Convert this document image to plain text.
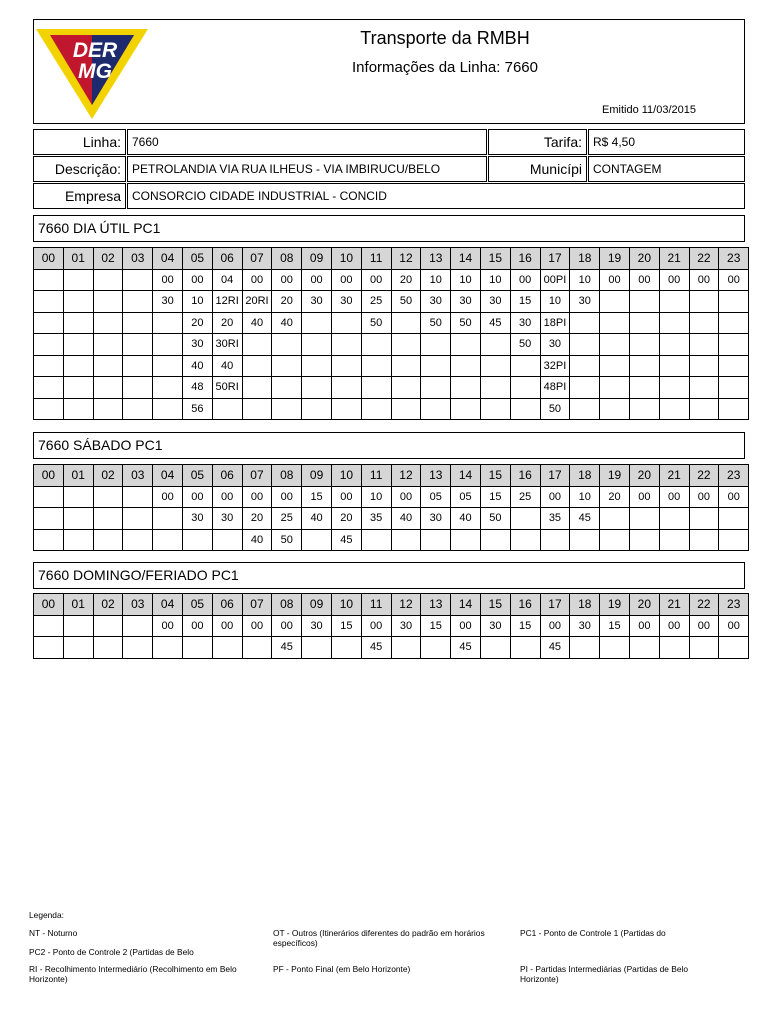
DER
MG
Transporte da RMBH
Informações da Linha: 7660
Emitido 11/03/2015
Linha: 7660	Tarifa: R$ 4,50
Descrição: PETROLANDIA VIA RUA ILHEUS - VIA IMBIRUCU/BELO	Municípi CONTAGEM
Empresa CONSORCIO CIDADE INDUSTRIAL - CONCID
7660 DIA ÚTIL PC1
00	01	02	03	04	05	06	07	08	09	10	11	12	13	14	15	16	17	18	19	20	21	22	23
				00	00	04	00	00	00	00	00	20	10	10	10	00	00PI	10	00	00	00	00	00
				30	10	12RI	20RI	20	30	30	25	50	30	30	30	15	10	30					
					20	20	40	40			50		50	50	45	30	18PI						
					30	30RI										50	30						
					40	40											32PI						
					48	50RI											48PI						
					56												50						
7660 SÁBADO PC1
00	01	02	03	04	05	06	07	08	09	10	11	12	13	14	15	16	17	18	19	20	21	22	23
				00	00	00	00	00	15	00	10	00	05	05	15	25	00	10	20	00	00	00	00
					30	30	20	25	40	20	35	40	30	40	50		35	45					
							40	50		45													
7660 DOMINGO/FERIADO PC1
00	01	02	03	04	05	06	07	08	09	10	11	12	13	14	15	16	17	18	19	20	21	22	23
				00	00	00	00	00	30	15	00	30	15	00	30	15	00	30	15	00	00	00	00
								45			45			45			45						
Legenda:
NT - Noturno	OT - Outros (Itinerários diferentes do padrão em horários específicos)
PC1 - Ponto de Controle 1 (Partidas do
PC2 - Ponto de Controle 2 (Partidas de Belo
RI - Recolhimento Intermediário (Recolhimento em Belo Horizonte)
PF - Ponto Final (em Belo Horizonte)	PI - Partidas Intermediárias (Partidas de Belo Horizonte)
